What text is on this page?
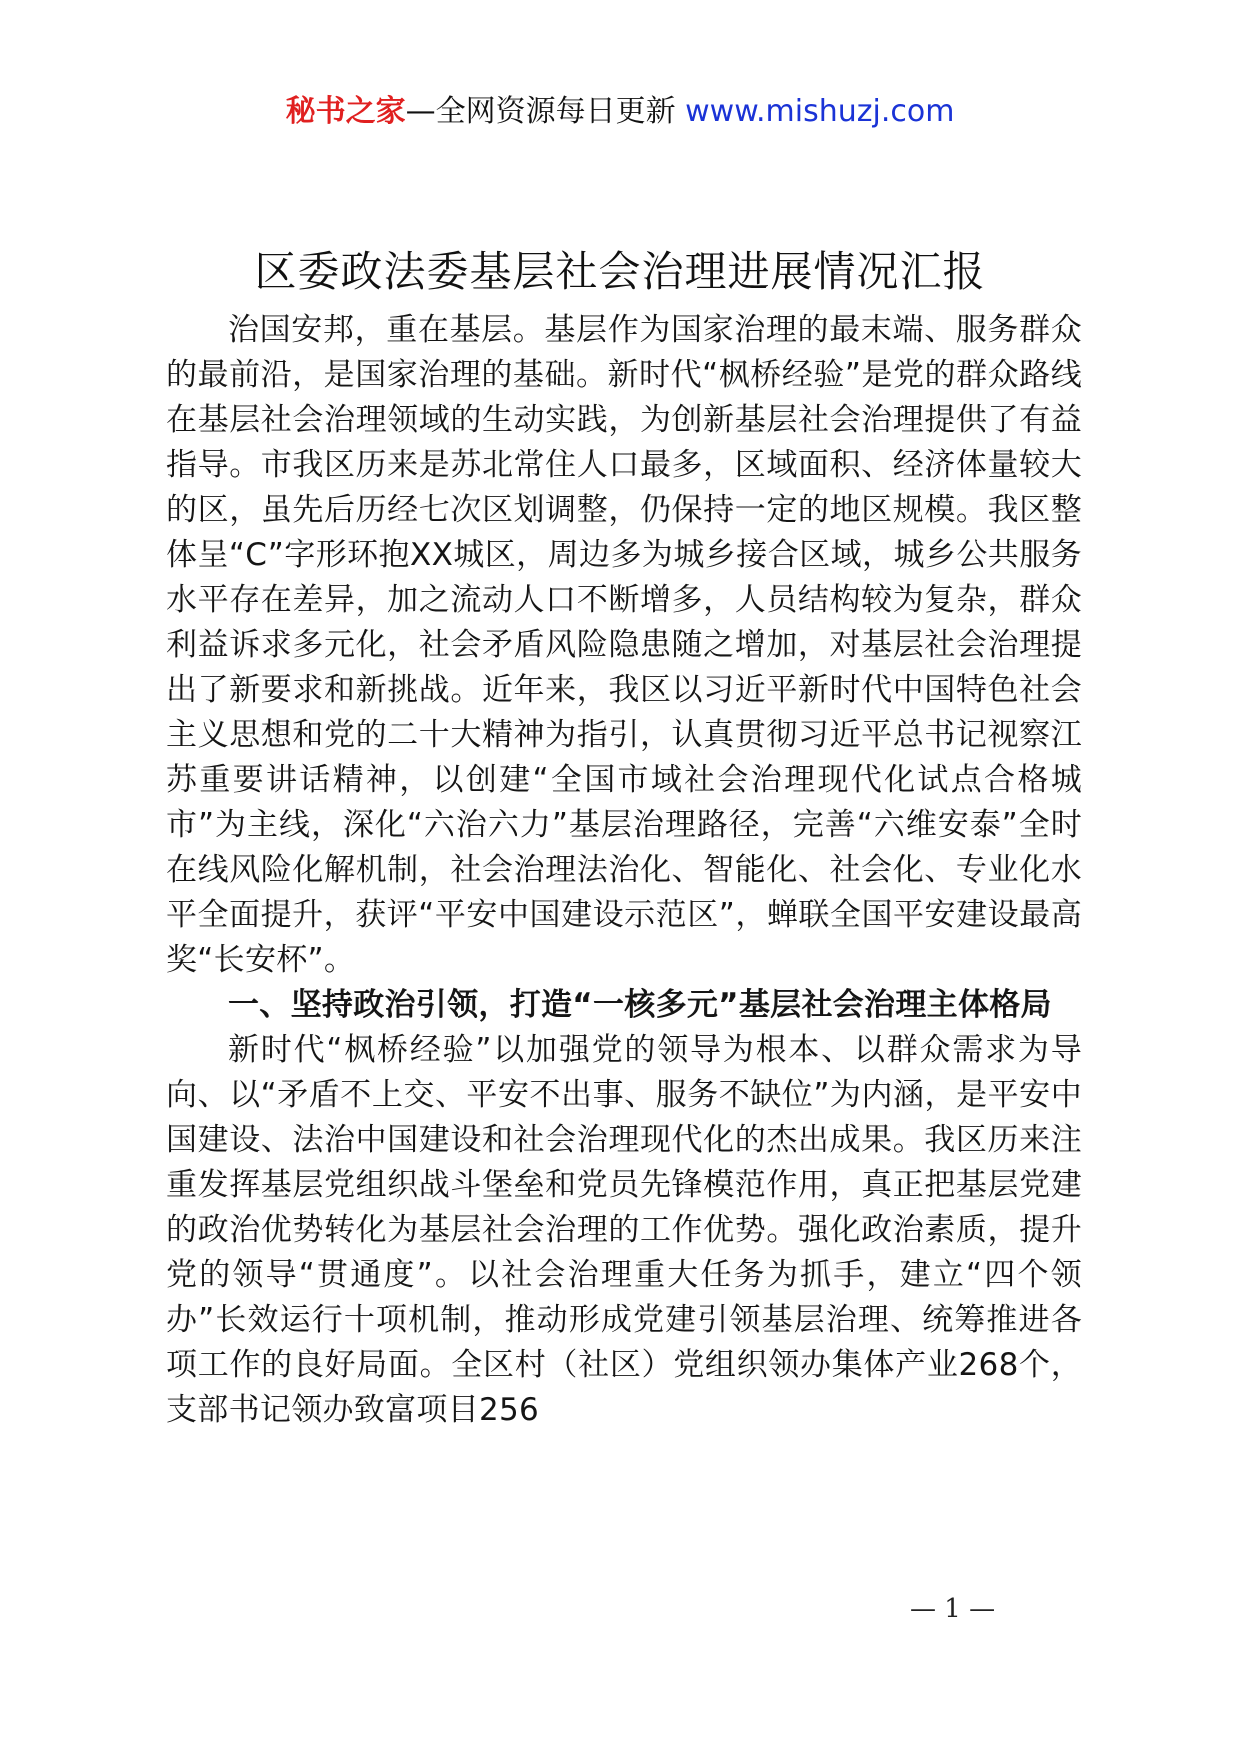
秘书之家—全网资源每日更新 www.mishuzj.com
区委政法委基层社会治理进展情况汇报

治国安邦，重在基层。基层作为国家治理的最末端、服务群众的最前沿，是国家治理的基础。新时代“枫桥经验”是党的群众路线在基层社会治理领域的生动实践，为创新基层社会治理提供了有益指导。市我区历来是苏北常住人口最多，区域面积、经济体量较大的区，虽先后历经七次区划调整，仍保持一定的地区规模。我区整体呈“C”字形环抱XX城区，周边多为城乡接合区域，城乡公共服务水平存在差异，加之流动人口不断增多，人员结构较为复杂，群众利益诉求多元化，社会矛盾风险隐患随之增加，对基层社会治理提出了新要求和新挑战。近年来，我区以习近平新时代中国特色社会主义思想和党的二十大精神为指引，认真贯彻习近平总书记视察江苏重要讲话精神，以创建“全国市域社会治理现代化试点合格城市”为主线，深化“六治六力”基层治理路径，完善“六维安泰”全时在线风险化解机制，社会治理法治化、智能化、社会化、专业化水平全面提升，获评“平安中国建设示范区”，蝉联全国平安建设最高奖“长安杯”。

一、坚持政治引领，打造“一核多元”基层社会治理主体格局

新时代“枫桥经验”以加强党的领导为根本、以群众需求为导向、以“矛盾不上交、平安不出事、服务不缺位”为内涵，是平安中国建设、法治中国建设和社会治理现代化的杰出成果。我区历来注重发挥基层党组织战斗堡垒和党员先锋模范作用，真正把基层党建的政治优势转化为基层社会治理的工作优势。强化政治素质，提升党的领导“贯通度”。以社会治理重大任务为抓手，建立“四个领办”长效运行十项机制，推动形成党建引领基层治理、统筹推进各项工作的良好局面。全区村（社区）党组织领办集体产业268个，支部书记领办致富项目256

— 1 —
